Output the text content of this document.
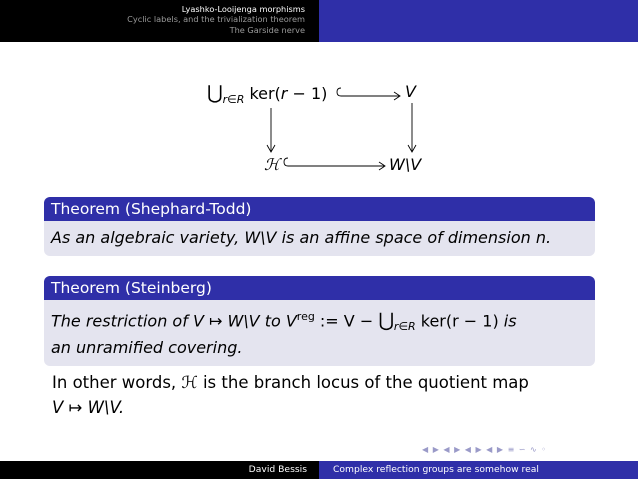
Lyashko-Looijenga morphisms
Cyclic labels, and the trivialization theorem
The Garside nerve
$⋃_{r\in R}$ ker(r − 1)	V
ℋ	W\V
Theorem (Shephard-Todd)
As an algebraic variety, W\V is an affine space of dimension n.
Theorem (Steinberg)
The restriction of V ↦ W\V to $V^{reg}$ := $V - ⋃_{r\in R}$ ker(r − 1) is
an unramified covering.
In other words, ℋ is the branch locus of the quotient map
V ↦ W\V.
◀ ▶ ◀ ▶ ◀ ▶ ◀ ▶ ≡ ∽ ∿ ◦
David Bessis	Complex reflection groups are somehow real
